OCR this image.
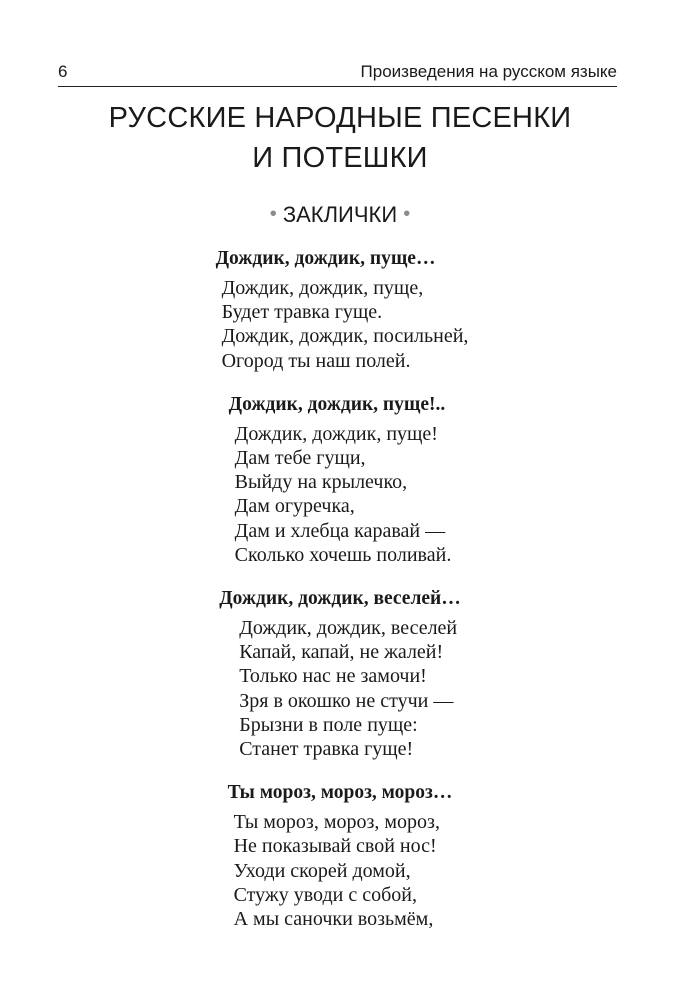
6	Произведения на русском языке
РУССКИЕ НАРОДНЫЕ ПЕСЕНКИ
И ПОТЕШКИ
• ЗАКЛИЧКИ •
Дождик, дождик, пуще…
Дождик, дождик, пуще,
Будет травка гуще.
Дождик, дождик, посильней,
Огород ты наш полей.
Дождик, дождик, пуще!..
Дождик, дождик, пуще!
Дам тебе гущи,
Выйду на крылечко,
Дам огуречка,
Дам и хлебца каравай —
Сколько хочешь поливай.
Дождик, дождик, веселей…
Дождик, дождик, веселей
Капай, капай, не жалей!
Только нас не замочи!
Зря в окошко не стучи —
Брызни в поле пуще:
Станет травка гуще!
Ты мороз, мороз, мороз…
Ты мороз, мороз, мороз,
Не показывай свой нос!
Уходи скорей домой,
Стужу уводи с собой,
А мы саночки возьмём,
